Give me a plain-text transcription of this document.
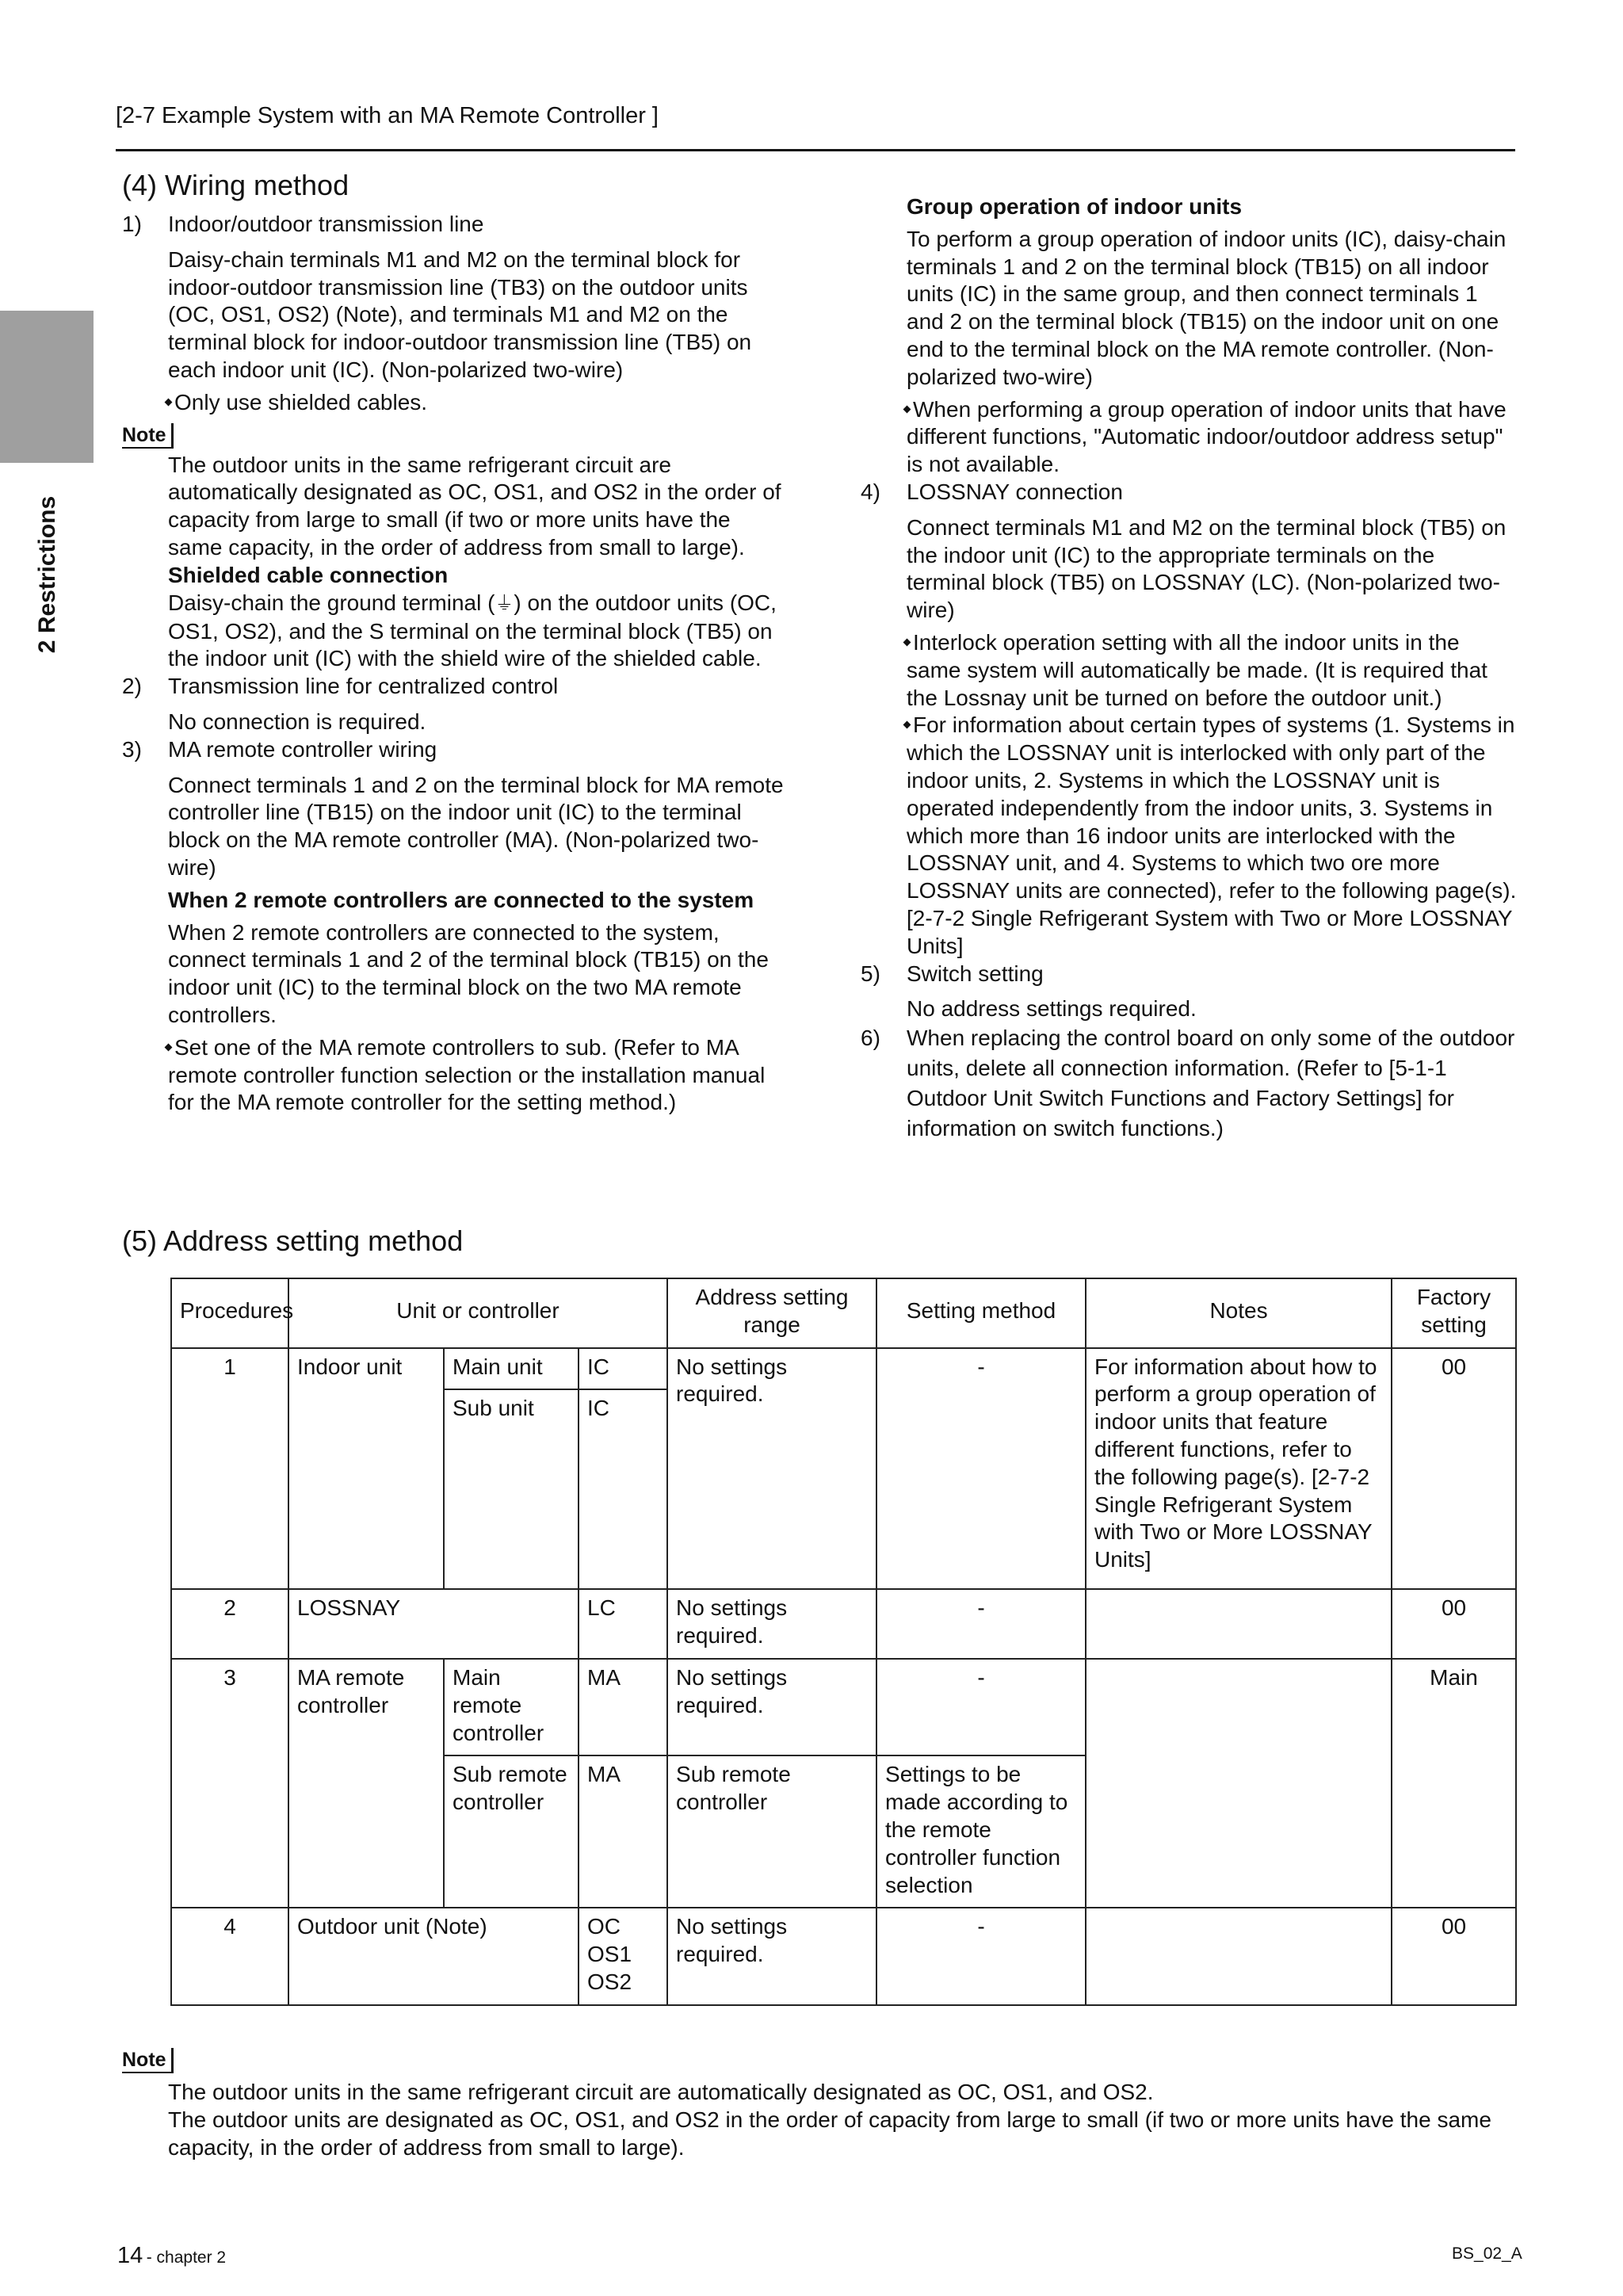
[2-7 Example System with an MA Remote Controller ]
2 Restrictions
(4) Wiring method
1)	Indoor/outdoor transmission line

Daisy-chain terminals M1 and M2 on the terminal block for indoor-outdoor transmission line (TB3) on the outdoor units (OC, OS1, OS2) (Note), and terminals M1 and M2 on the terminal block for indoor-outdoor transmission line (TB5) on each indoor unit (IC). (Non-polarized two-wire)

Only use shielded cables.

Note

The outdoor units in the same refrigerant circuit are automatically designated as OC, OS1, and OS2 in the order of capacity from large to small (if two or more units have the same capacity, in the order of address from small to large).

Shielded cable connection

Daisy-chain the ground terminal (⏚) on the outdoor units (OC, OS1, OS2), and the S terminal on the terminal block (TB5) on the indoor unit (IC) with the shield wire of the shielded cable.

2)	Transmission line for centralized control

No connection is required.

3)	MA remote controller wiring

Connect terminals 1 and 2 on the terminal block for MA remote controller line (TB15) on the indoor unit (IC) to the terminal block on the MA remote controller (MA). (Non-polarized two-wire)

When 2 remote controllers are connected to the system

When 2 remote controllers are connected to the system, connect terminals 1 and 2 of the terminal block (TB15) on the indoor unit (IC) to the terminal block on the two MA remote controllers.

Set one of the MA remote controllers to sub. (Refer to MA remote controller function selection or the installation manual for the MA remote controller for the setting method.)

Group operation of indoor units

To perform a group operation of indoor units (IC), daisy-chain terminals 1 and 2 on the terminal block (TB15) on all indoor units (IC) in the same group, and then connect terminals 1 and 2 on the terminal block (TB15) on the indoor unit on one end to the terminal block on the MA remote controller. (Non-polarized two-wire)

When performing a group operation of indoor units that have different functions, "Automatic indoor/outdoor address setup" is not available.

4)	LOSSNAY connection

Connect terminals M1 and M2 on the terminal block (TB5) on the indoor unit (IC) to the appropriate terminals on the terminal block (TB5) on LOSSNAY (LC). (Non-polarized two-wire)

Interlock operation setting with all the indoor units in the same system will automatically be made. (It is required that the Lossnay unit be turned on before the outdoor unit.)

For information about certain types of systems (1. Systems in which the LOSSNAY unit is interlocked with only part of the indoor units, 2. Systems in which the LOSSNAY unit is operated independently from the indoor units, 3. Systems in which more than 16 indoor units are interlocked with the LOSSNAY unit, and 4. Systems to which two ore more LOSSNAY units are connected), refer to the following page(s). [2-7-2 Single Refrigerant System with Two or More LOSSNAY Units]

5)	Switch setting

No address settings required.

6)	When replacing the control board on only some of the outdoor units, delete all connection information. (Refer to [5-1-1 Outdoor Unit Switch Functions and Factory Settings] for information on switch functions.)
(5) Address setting method
Procedures	Unit or controller			Address setting range	Setting method	Notes	Factory setting
1	Indoor unit	Main unit	IC	No settings required.	-	For information about how to perform a group operation of indoor units that feature different functions, refer to the following page(s). [2-7-2 Single Refrigerant System with Two or More LOSSNAY Units]	00
		Sub unit	IC				
2	LOSSNAY		LC	No settings required.	-		00
3	MA remote controller	Main remote controller	MA	No settings required.	-		Main
		Sub remote controller	MA	Sub remote controller	Settings to be made according to the remote controller function selection		
4	Outdoor unit (Note)		OC OS1 OS2	No settings required.	-		00
Note

The outdoor units in the same refrigerant circuit are automatically designated as OC, OS1, and OS2.

The outdoor units are designated as OC, OS1, and OS2 in the order of capacity from large to small (if two or more units have the same capacity, in the order of address from small to large).

14 - chapter 2	BS_02_A
